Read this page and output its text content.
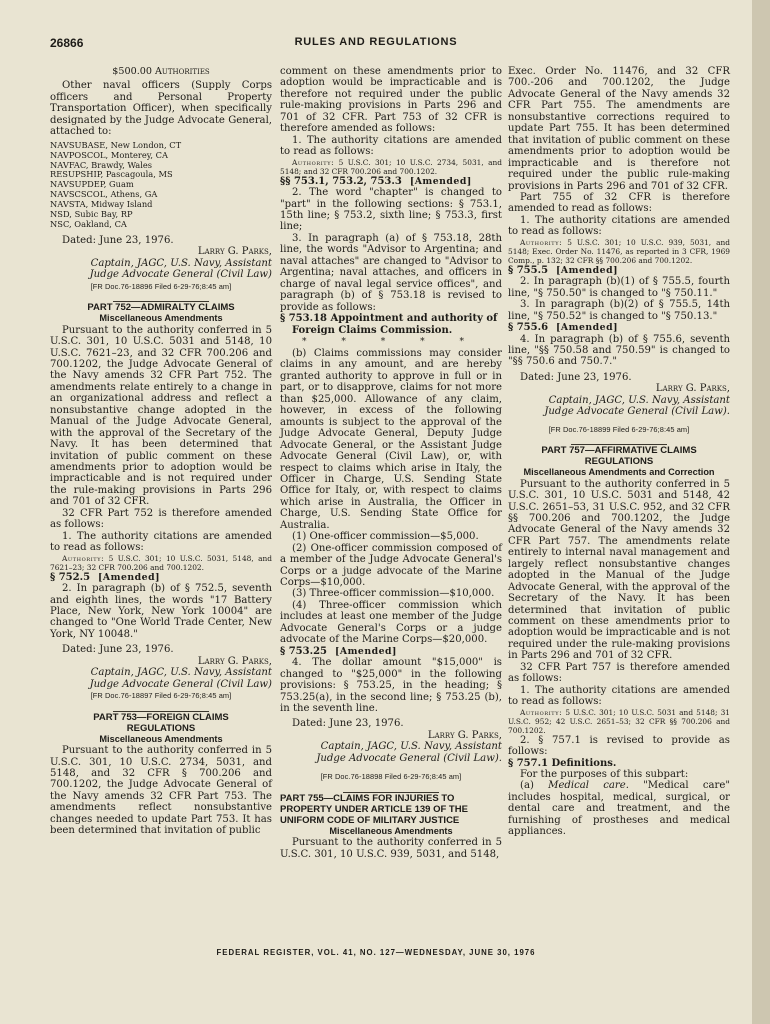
RULES AND REGULATIONS
26866

$500.00 Authorities

Other naval officers (Supply Corps officers and Personal Property Transportation Officer), when specifically designated by the Judge Advocate General, attached to:

NAVSUBASE, New London, CT
NAVPOSCOL, Monterey, CA
NAVFAC, Brawdy, Wales
RESUPSHIP, Pascagoula, MS
NAVSUPDEP, Guam
NAVSCSCOL, Athens, GA
NAVSTA, Midway Island
NSD, Subic Bay, RP
NSC, Oakland, CA

Dated: June 23, 1976.

Larry G. Parks,
Captain, JAGC, U.S. Navy, Assistant Judge Advocate General (Civil Law)

[FR Doc.76-18896 Filed 6-29-76;8:45 am]

PART 752—ADMIRALTY CLAIMS

Miscellaneous Amendments

Pursuant to the authority conferred in 5 U.S.C. 301, 10 U.S.C. 5031 and 5148, 10 U.S.C. 7621–23, and 32 CFR 700.206 and 700.1202, the Judge Advocate General of the Navy amends 32 CFR Part 752. The amendments relate entirely to a change in an organizational address and reflect a nonsubstantive change adopted in the Manual of the Judge Advocate General, with the approval of the Secretary of the Navy. It has been determined that invitation of public comment on these amendments prior to adoption would be impracticable and is not required under the rule-making provisions in Parts 296 and 701 of 32 CFR.

32 CFR Part 752 is therefore amended as follows:

1. The authority citations are amended to read as follows:

Authority: 5 U.S.C. 301; 10 U.S.C. 5031, 5148, and 7621–23; 32 CFR 700.206 and 700.1202.

§ 752.5 [Amended]

2. In paragraph (b) of § 752.5, seventh and eighth lines, the words "17 Battery Place, New York, New York 10004" are changed to "One World Trade Center, New York, NY 10048."

Dated: June 23, 1976.

Larry G. Parks,
Captain, JAGC, U.S. Navy, Assistant Judge Advocate General (Civil Law)

[FR Doc.76-18897 Filed 6-29-76;8:45 am]

PART 753—FOREIGN CLAIMS REGULATIONS

Miscellaneous Amendments

Pursuant to the authority conferred in 5 U.S.C. 301, 10 U.S.C. 2734, 5031, and 5148, and 32 CFR § 700.206 and 700.1202, the Judge Advocate General of the Navy amends 32 CFR Part 753. The amendments reflect nonsubstantive changes needed to update Part 753. It has been determined that invitation of public

comment on these amendments prior to adoption would be impracticable and is therefore not required under the public rule-making provisions in Parts 296 and 701 of 32 CFR. Part 753 of 32 CFR is therefore amended as follows:

1. The authority citations are amended to read as follows:

Authority: 5 U.S.C. 301; 10 U.S.C. 2734, 5031, and 5148; and 32 CFR 700.206 and 700.1202.

§§ 753.1, 753.2, 753.3 [Amended]

2. The word "chapter" is changed to "part" in the following sections: § 753.1, 15th line; § 753.2, sixth line; § 753.3, first line;

3. In paragraph (a) of § 753.18, 28th line, the words "Advisor to Argentina; and naval attaches" are changed to "Advisor to Argentina; naval attaches, and officers in charge of naval legal service offices", and paragraph (b) of § 753.18 is revised to provide as follows:

§ 753.18 Appointment and authority of Foreign Claims Commission.

* * * * *

(b) Claims commissions may consider claims in any amount, and are hereby granted authority to approve in full or in part, or to disapprove, claims for not more than $25,000. Allowance of any claim, however, in excess of the following amounts is subject to the approval of the Judge Advocate General, Deputy Judge Advocate General, or the Assistant Judge Advocate General (Civil Law), or, with respect to claims which arise in Italy, the Officer in Charge, U.S. Sending State Office for Italy, or, with respect to claims which arise in Australia, the Officer in Charge, U.S. Sending State Office for Australia.

(1) One-officer commission—$5,000.

(2) One-officer commission composed of a member of the Judge Advocate General's Corps or a judge advocate of the Marine Corps—$10,000.

(3) Three-officer commission—$10,000.

(4) Three-officer commission which includes at least one member of the Judge Advocate General's Corps or a judge advocate of the Marine Corps—$20,000.

§ 753.25 [Amended]

4. The dollar amount "$15,000" is changed to "$25,000" in the following provisions: § 753.25, in the heading; § 753.25(a), in the second line; § 753.25 (b), in the seventh line.

Dated: June 23, 1976.

Larry G. Parks,
Captain, JAGC, U.S. Navy, Assistant Judge Advocate General (Civil Law).

[FR Doc.76-18898 Filed 6-29-76;8:45 am]

PART 755—CLAIMS FOR INJURIES TO PROPERTY UNDER ARTICLE 139 OF THE UNIFORM CODE OF MILITARY JUSTICE

Miscellaneous Amendments

Pursuant to the authority conferred in 5 U.S.C. 301, 10 U.S.C. 939, 5031, and 5148,

Exec. Order No. 11476, and 32 CFR 700.-206 and 700.1202, the Judge Advocate General of the Navy amends 32 CFR Part 755. The amendments are nonsubstantive corrections required to update Part 755. It has been determined that invitation of public comment on these amendments prior to adoption would be impracticable and is therefore not required under the public rule-making provisions in Parts 296 and 701 of 32 CFR.

Part 755 of 32 CFR is therefore amended to read as follows:

1. The authority citations are amended to read as follows:

Authority: 5 U.S.C. 301; 10 U.S.C. 939, 5031, and 5148; Exec. Order No. 11476, as reported in 3 CFR, 1969 Comp., p. 132; 32 CFR §§ 700.206 and 700.1202.

§ 755.5 [Amended]

2. In paragraph (b)(1) of § 755.5, fourth line, "§ 750.50" is changed to "§ 750.11."

3. In paragraph (b)(2) of § 755.5, 14th line, "§ 750.52" is changed to "§ 750.13."

§ 755.6 [Amended]

4. In paragraph (b) of § 755.6, seventh line, "§§ 750.58 and 750.59" is changed to "§§ 750.6 and 750.7."

Dated: June 23, 1976.

Larry G. Parks,
Captain, JAGC, U.S. Navy, Assistant Judge Advocate General (Civil Law).

[FR Doc.76-18899 Filed 6-29-76;8:45 am]

PART 757—AFFIRMATIVE CLAIMS REGULATIONS

Miscellaneous Amendments and Correction

Pursuant to the authority conferred in 5 U.S.C. 301, 10 U.S.C. 5031 and 5148, 42 U.S.C. 2651–53, 31 U.S.C. 952, and 32 CFR §§ 700.206 and 700.1202, the Judge Advocate General of the Navy amends 32 CFR Part 757. The amendments relate entirely to internal naval management and largely reflect nonsubstantive changes adopted in the Manual of the Judge Advocate General, with the approval of the Secretary of the Navy. It has been determined that invitation of public comment on these amendments prior to adoption would be impracticable and is not required under the rule-making provisions in Parts 296 and 701 of 32 CFR.

32 CFR Part 757 is therefore amended as follows:

1. The authority citations are amended to read as follows:

Authority: 5 U.S.C. 301; 10 U.S.C. 5031 and 5148; 31 U.S.C. 952; 42 U.S.C. 2651–53; 32 CFR §§ 700.206 and 700.1202.

2. § 757.1 is revised to provide as follows:

§ 757.1 Definitions.

For the purposes of this subpart:

(a) Medical care. "Medical care" includes hospital, medical, surgical, or dental care and treatment, and the furnishing of prostheses and medical appliances.

FEDERAL REGISTER, VOL. 41, NO. 127—WEDNESDAY, JUNE 30, 1976
